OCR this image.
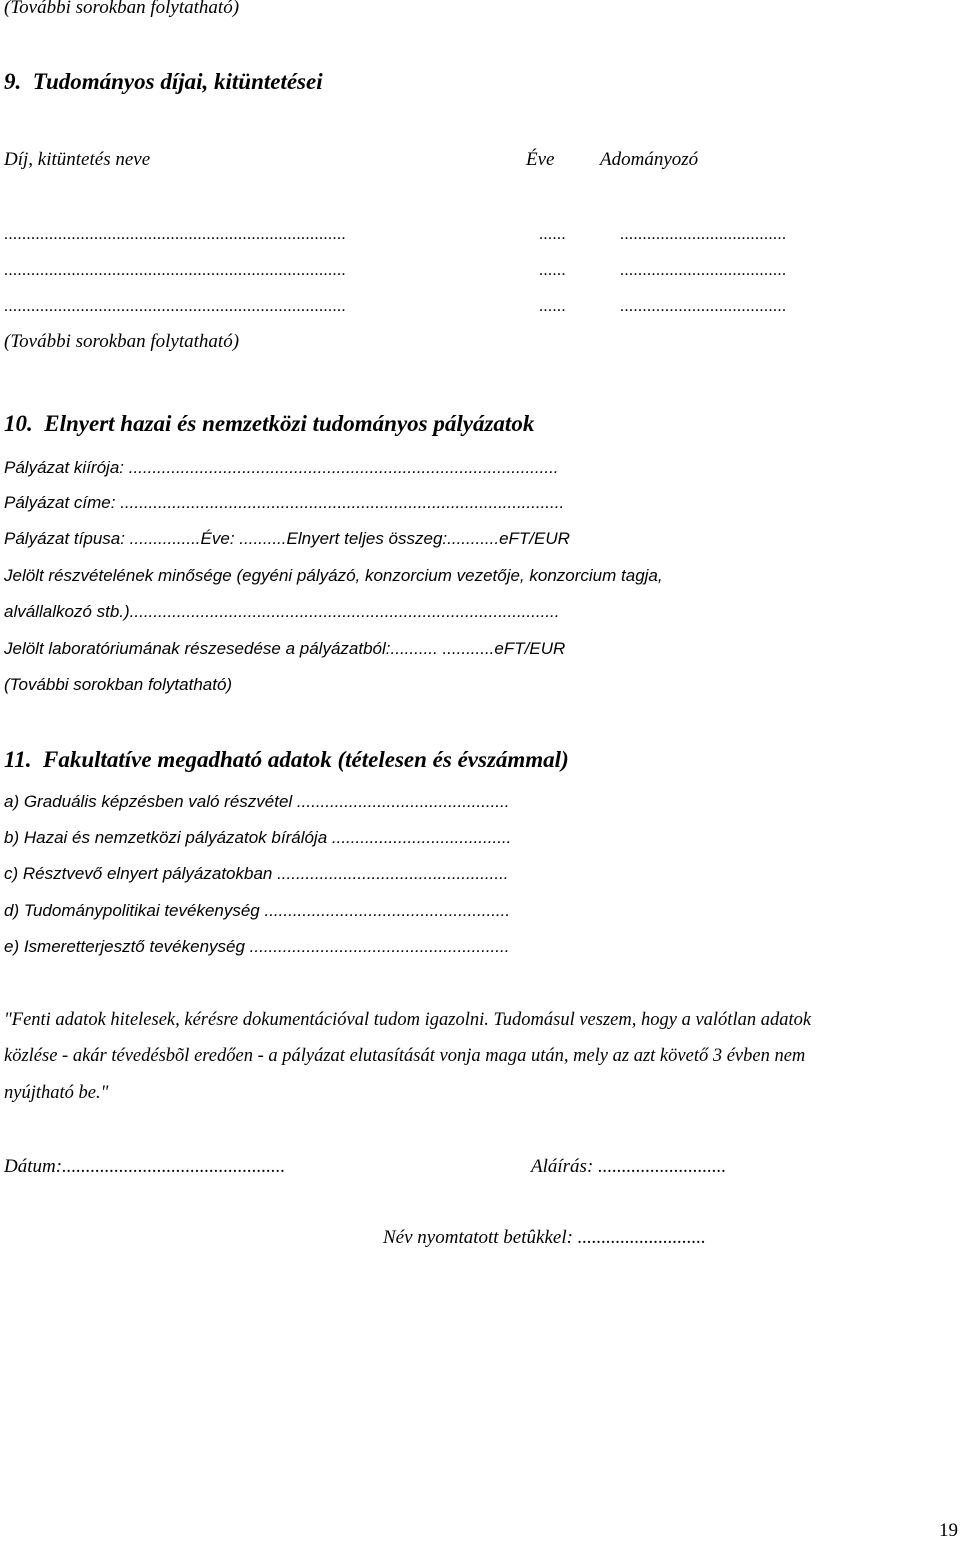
(További sorokban folytatható)
9.  Tudományos díjai, kitüntetései
Díj, kitüntetés neve	Éve Adományozó
............................................................................	......	.....................................
............................................................................	......	.....................................
............................................................................	......	.....................................
(További sorokban folytatható)
10.  Elnyert hazai és nemzetközi tudományos pályázatok
Pályázat kiírója: ...........................................................................................
Pályázat címe: ..............................................................................................
Pályázat típusa: ...............Éve: ..........Elnyert teljes összeg:...........eFT/EUR
Jelölt részvételének minősége (egyéni pályázó, konzorcium vezetője, konzorcium tagja,
alvállalkozó stb.)...........................................................................................
Jelölt laboratóriumának részesedése a pályázatból:.......... ...........eFT/EUR
(További sorokban folytatható)
11.  Fakultatíve megadható adatok (tételesen és évszámmal)
a) Graduális képzésben való részvétel .............................................
b) Hazai és nemzetközi pályázatok bírálója ......................................
c) Résztvevő elnyert pályázatokban .................................................
d) Tudománypolitikai tevékenység ....................................................
e) Ismeretterjesztő tevékenység .......................................................
"Fenti adatok hitelesek, kérésre dokumentációval tudom igazolni. Tudomásul veszem, hogy a valótlan adatok
közlése - akár tévedésbõl eredően - a pályázat elutasítását vonja maga után, mely az azt követő 3 évben nem
nyújtható be."
Dátum:...............................................	Aláírás: ...........................
Név nyomtatott betûkkel: ...........................
19
